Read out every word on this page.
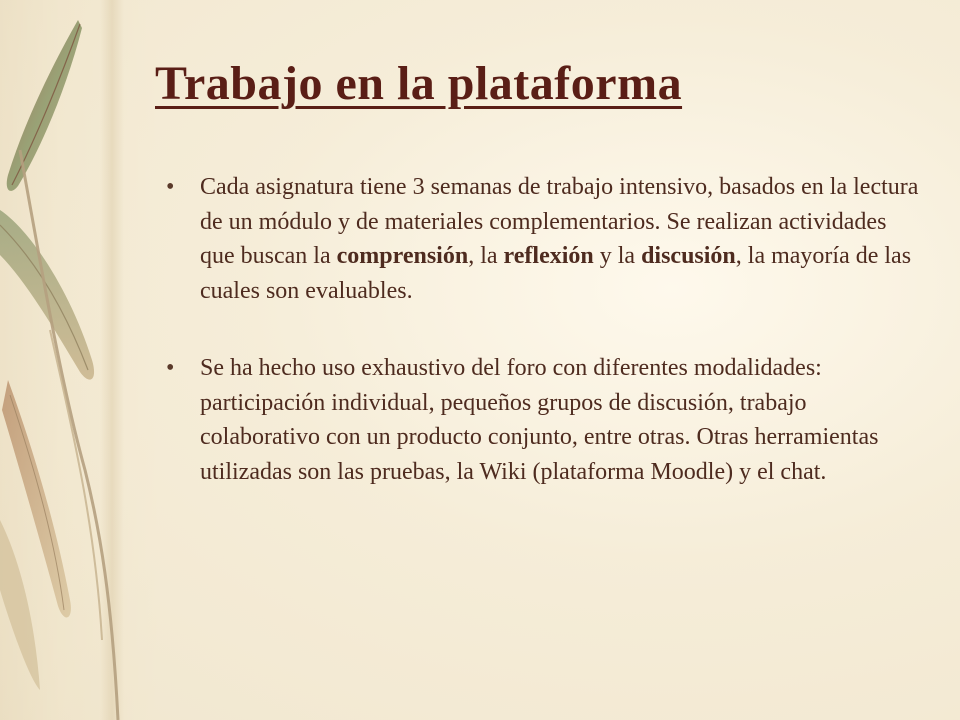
Trabajo en la plataforma
• Cada asignatura tiene 3 semanas de trabajo intensivo, basados en la lectura de un módulo y de materiales complementarios. Se realizan actividades que buscan la comprensión, la reflexión y la discusión, la mayoría de las cuales son evaluables.
• Se ha hecho uso exhaustivo del foro con diferentes modalidades: participación individual, pequeños grupos de discusión, trabajo colaborativo con un producto conjunto, entre otras. Otras herramientas utilizadas son las pruebas, la Wiki (plataforma Moodle) y el chat.
